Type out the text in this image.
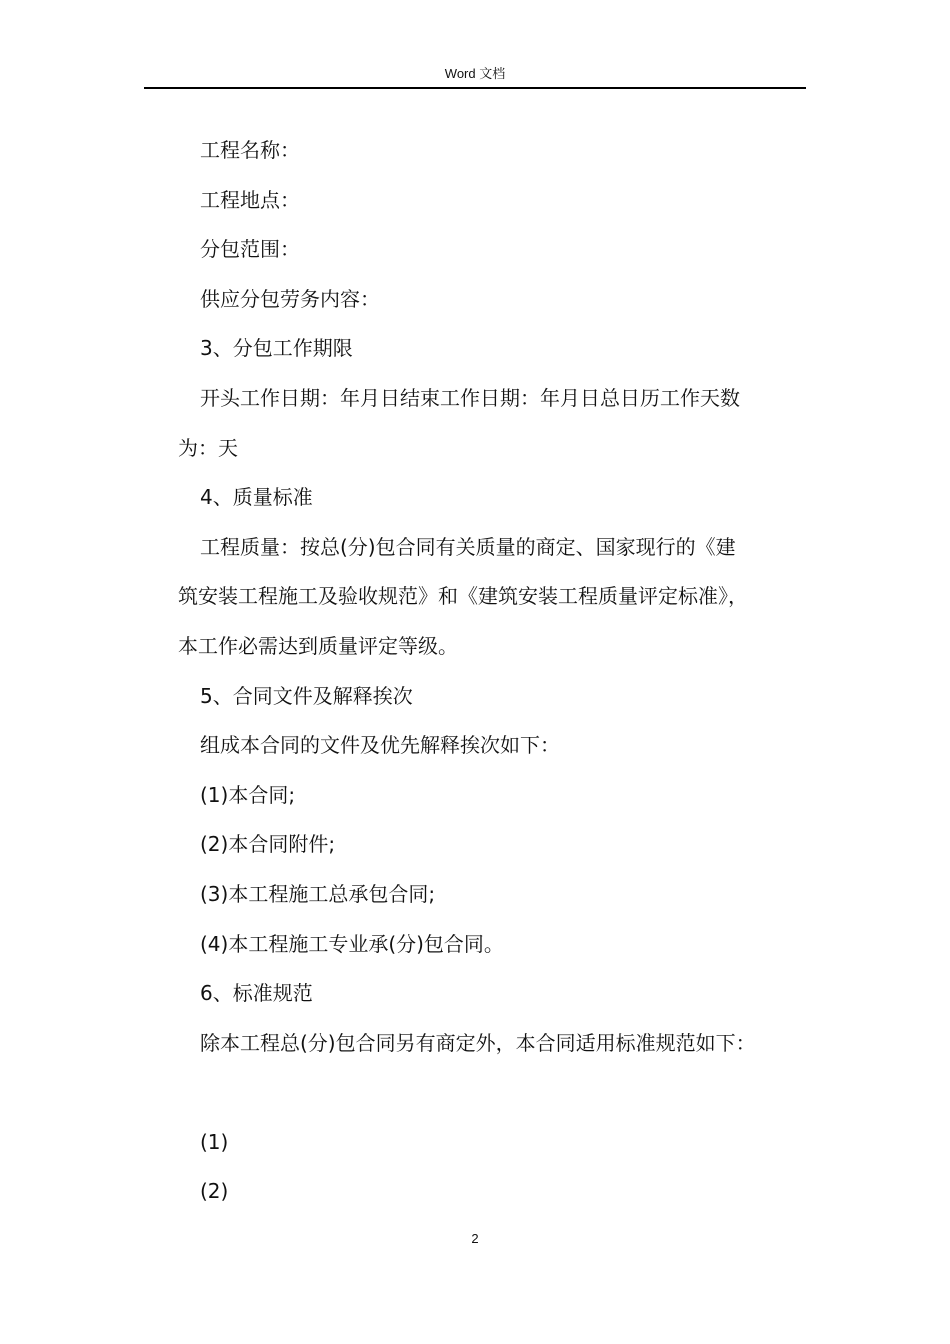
Word 文档

工程名称：

工程地点：

分包范围：

供应分包劳务内容：

3、分包工作期限

开头工作日期：年月日结束工作日期：年月日总日历工作天数

为：天

4、质量标准

工程质量：按总(分)包合同有关质量的商定、国家现行的《建

筑安装工程施工及验收规范》和《建筑安装工程质量评定标准》，

本工作必需达到质量评定等级。

5、合同文件及解释挨次

组成本合同的文件及优先解释挨次如下：

(1)本合同;

(2)本合同附件;

(3)本工程施工总承包合同;

(4)本工程施工专业承(分)包合同。

6、标准规范

除本工程总(分)包合同另有商定外，本合同适用标准规范如下：

(1)

(2)

2
